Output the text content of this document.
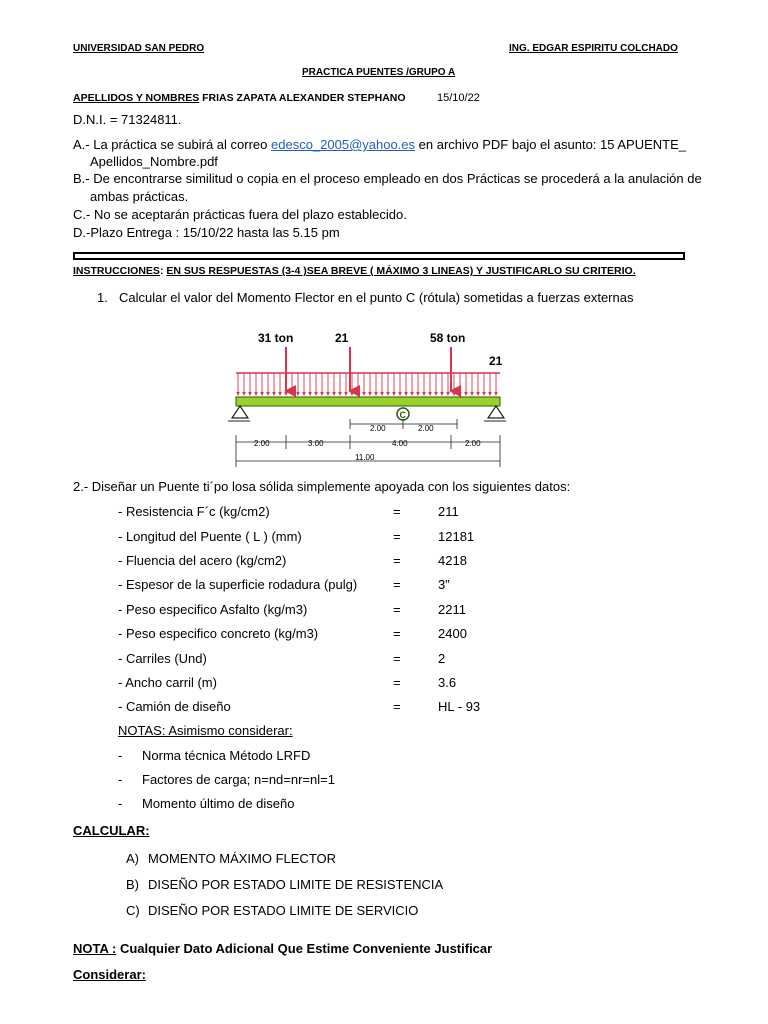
UNIVERSIDAD SAN PEDRO	ING. EDGAR ESPIRITU COLCHADO
PRACTICA PUENTES /GRUPO A
APELLIDOS Y NOMBRES FRIAS ZAPATA ALEXANDER STEPHANO	15/10/22
D.N.I. = 71324811.
A.- La práctica se subirá al correo edesco_2005@yahoo.es en archivo PDF bajo el asunto: 15 APUENTE_
Apellidos_Nombre.pdf
B.- De encontrarse similitud o copia en el proceso empleado en dos Prácticas se procederá a la anulación de
ambas prácticas.
C.- No se aceptarán prácticas fuera del plazo establecido.
D.-Plazo Entrega : 15/10/22 hasta las 5.15 pm
INSTRUCCIONES: EN SUS RESPUESTAS (3-4 )SEA BREVE ( MÁXIMO 3 LINEAS) Y JUSTIFICARLO SU CRITERIO.
1. Calcular el valor del Momento Flector en el punto C (rótula) sometidas a fuerzas externas
31 ton	21	58 ton
21
C
2.00	2.00
2.00	3.00	4.00	2.00
11.00
2.- Diseñar un Puente ti´po losa sólida simplemente apoyada con los siguientes datos:
- Resistencia F´c (kg/cm2)	=	211
- Longitud del Puente ( L ) (mm)	=	12181
- Fluencia del acero (kg/cm2)	=	4218
- Espesor de la superficie rodadura (pulg)	=	3”
- Peso especifico Asfalto (kg/m3)	=	2211
- Peso especifico concreto (kg/m3)	=	2400
- Carriles (Und)	=	2
- Ancho carril (m)	=	3.6
- Camión de diseño	=	HL - 93
NOTAS: Asimismo considerar:
- Norma técnica Método LRFD
- Factores de carga; n=nd=nr=nl=1
- Momento último de diseño
CALCULAR:
A) MOMENTO MÁXIMO FLECTOR
B) DISEÑO POR ESTADO LIMITE DE RESISTENCIA
C) DISEÑO POR ESTADO LIMITE DE SERVICIO
NOTA : Cualquier Dato Adicional Que Estime Conveniente Justificar
Considerar:
